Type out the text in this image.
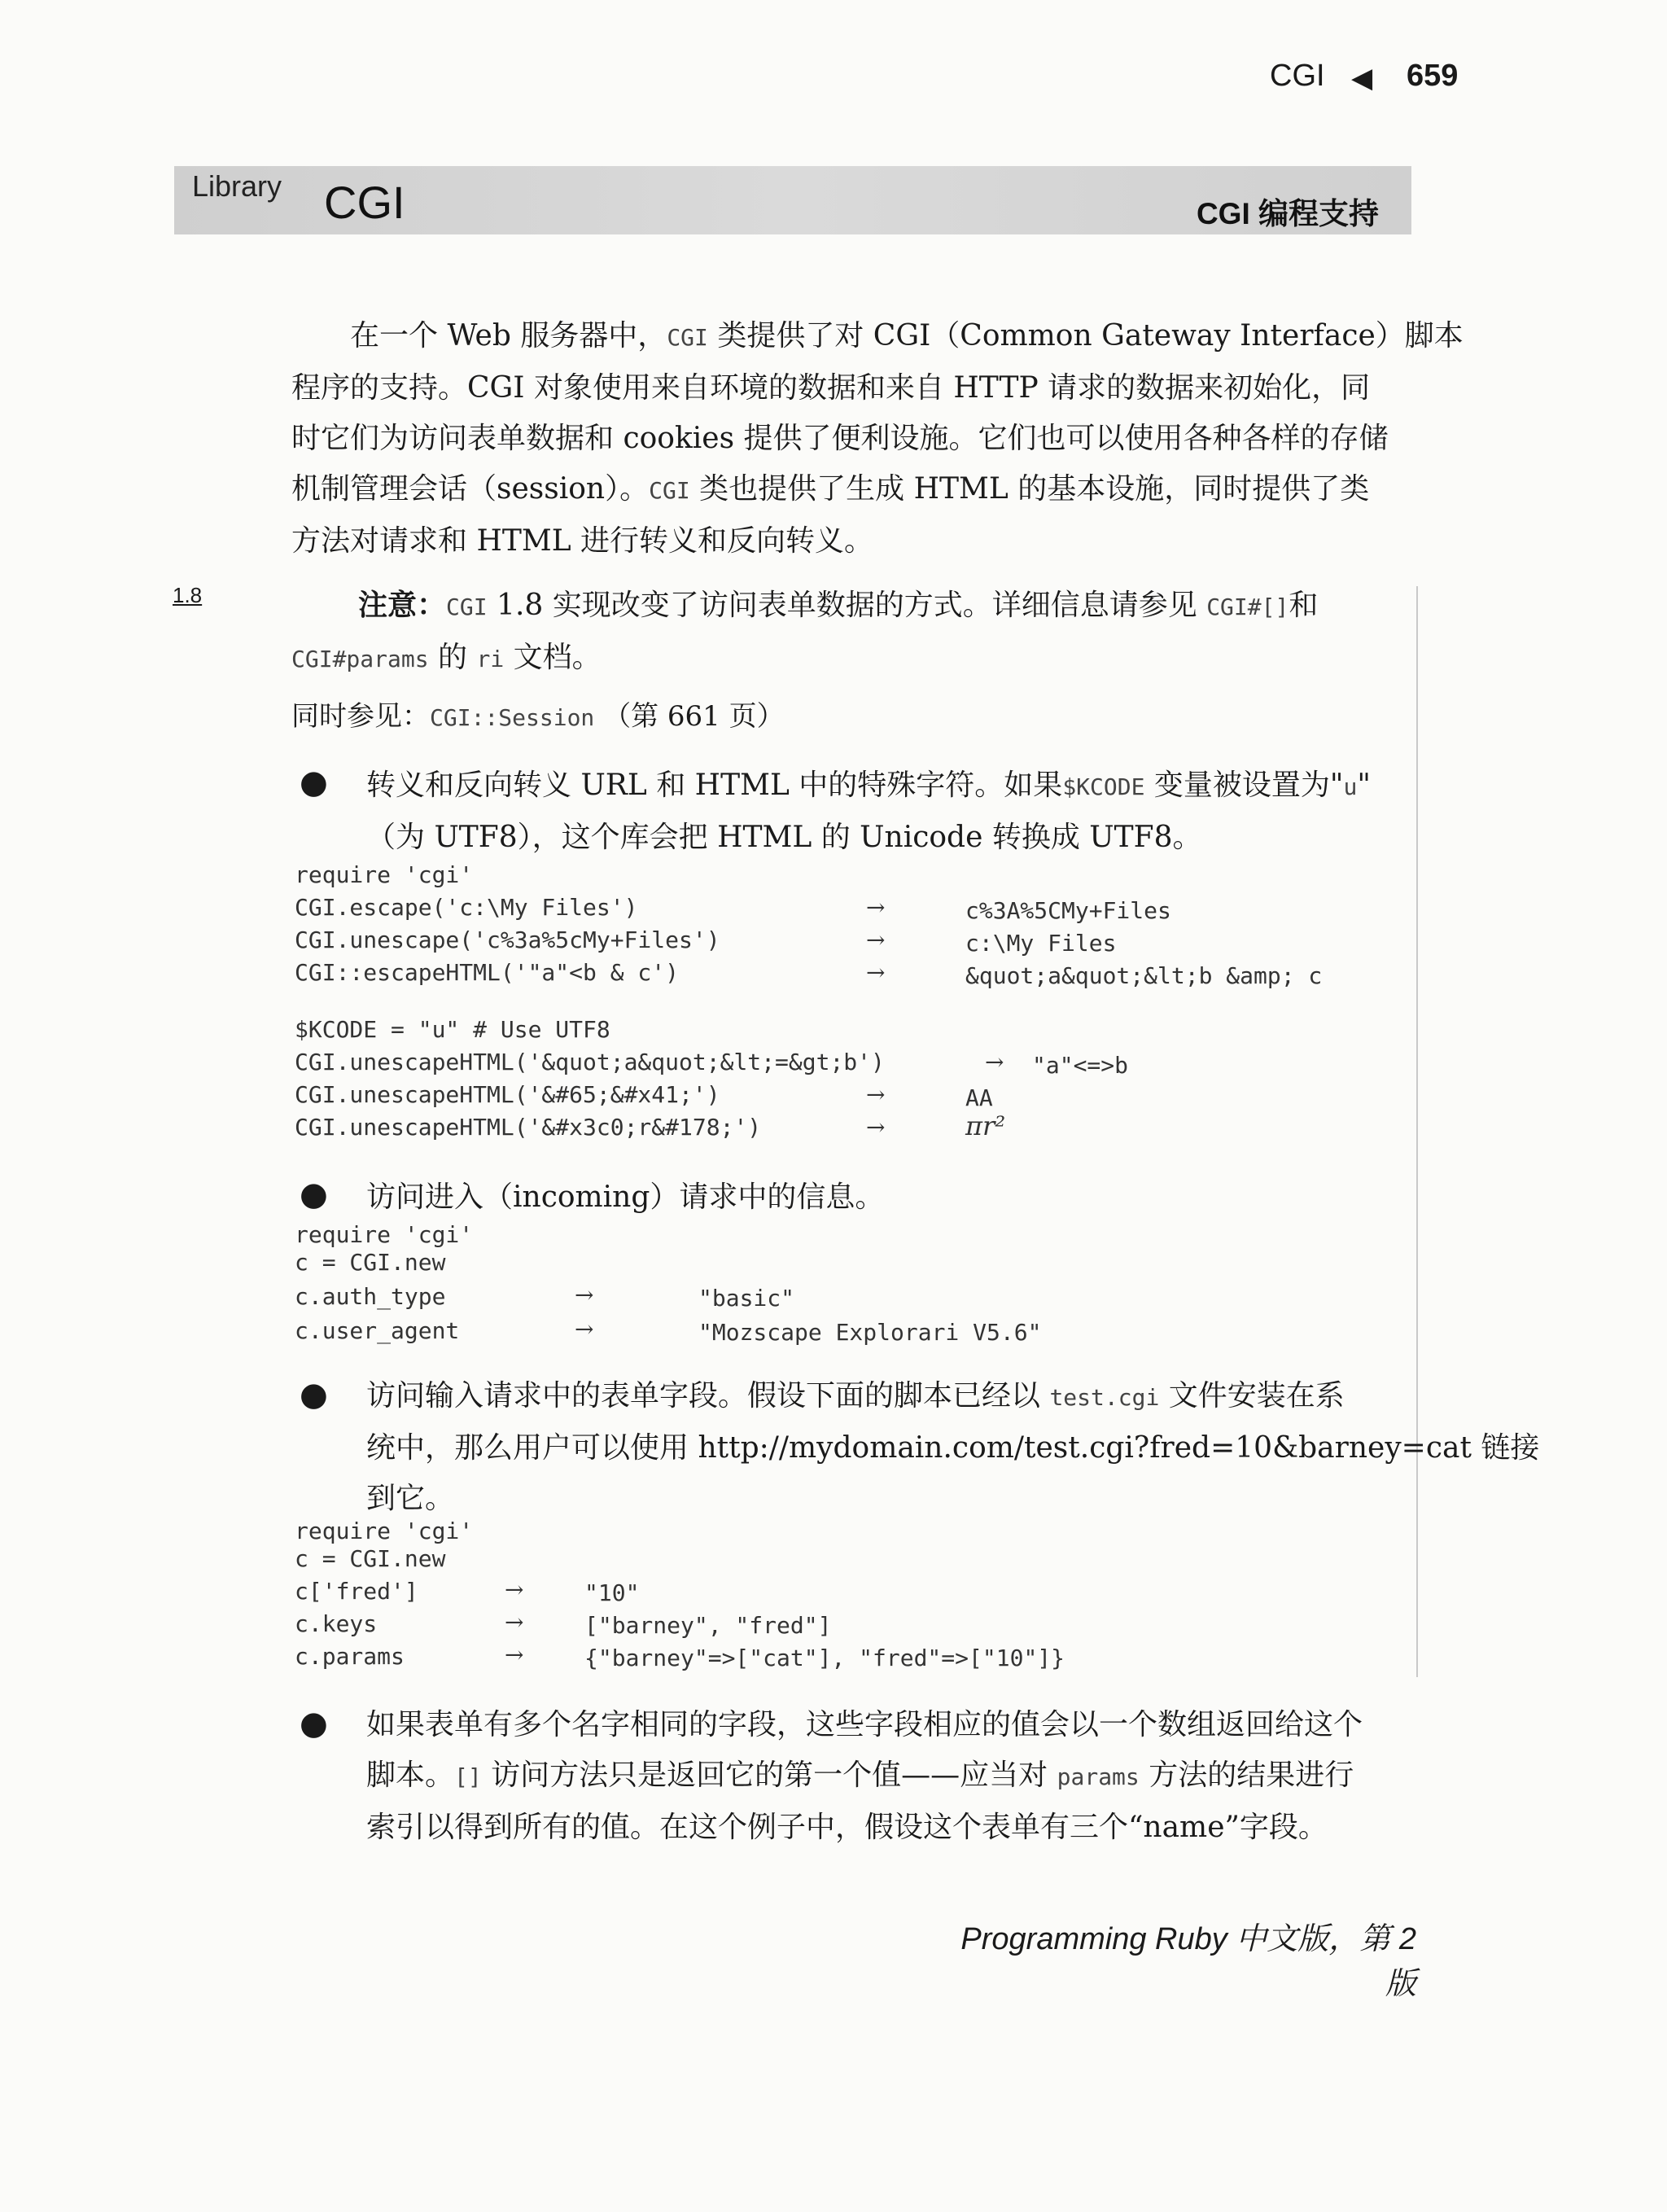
CGI ◀ 659
Library CGI	CGI 编程支持
在一个 Web 服务器中，CGI 类提供了对 CGI（Common Gateway Interface）脚本
程序的支持。CGI 对象使用来自环境的数据和来自 HTTP 请求的数据来初始化，同
时它们为访问表单数据和 cookies 提供了便利设施。它们也可以使用各种各样的存储
机制管理会话（session）。CGI 类也提供了生成 HTML 的基本设施，同时提供了类
方法对请求和 HTML 进行转义和反向转义。
1.8	注意：CGI 1.8 实现改变了访问表单数据的方式。详细信息请参见 CGI#[]和
CGI#params 的 ri 文档。
同时参见：CGI::Session （第 661 页）
● 转义和反向转义 URL 和 HTML 中的特殊字符。如果$KCODE 变量被设置为"u"
（为 UTF8），这个库会把 HTML 的 Unicode 转换成 UTF8。
require 'cgi'
CGI.escape('c:\My Files')	→	c%3A%5CMy+Files
CGI.unescape('c%3a%5cMy+Files')	→	c:\My Files
CGI::escapeHTML('"a"<b & c')	→	&quot;a&quot;&lt;b &amp; c
$KCODE = "u" # Use UTF8
CGI.unescapeHTML('&quot;a&quot;&lt;=&gt;b')	→ "a"<=>b
CGI.unescapeHTML('&#65;&#x41;')	→	AA
CGI.unescapeHTML('&#x3c0;r&#178;')	→	πr²
● 访问进入（incoming）请求中的信息。
require 'cgi'
c = CGI.new
c.auth_type	→	"basic"
c.user_agent	→	"Mozscape Explorari V5.6"
● 访问输入请求中的表单字段。假设下面的脚本已经以 test.cgi 文件安装在系
统中，那么用户可以使用 http://mydomain.com/test.cgi?fred=10&barney=cat 链接
到它。
require 'cgi'
c = CGI.new
c['fred']	→	"10"
c.keys	→	["barney", "fred"]
c.params	→	{"barney"=>["cat"], "fred"=>["10"]}
● 如果表单有多个名字相同的字段，这些字段相应的值会以一个数组返回给这个
脚本。[] 访问方法只是返回它的第一个值——应当对 params 方法的结果进行
索引以得到所有的值。在这个例子中，假设这个表单有三个“name”字段。
Programming Ruby 中文版，第 2 版
